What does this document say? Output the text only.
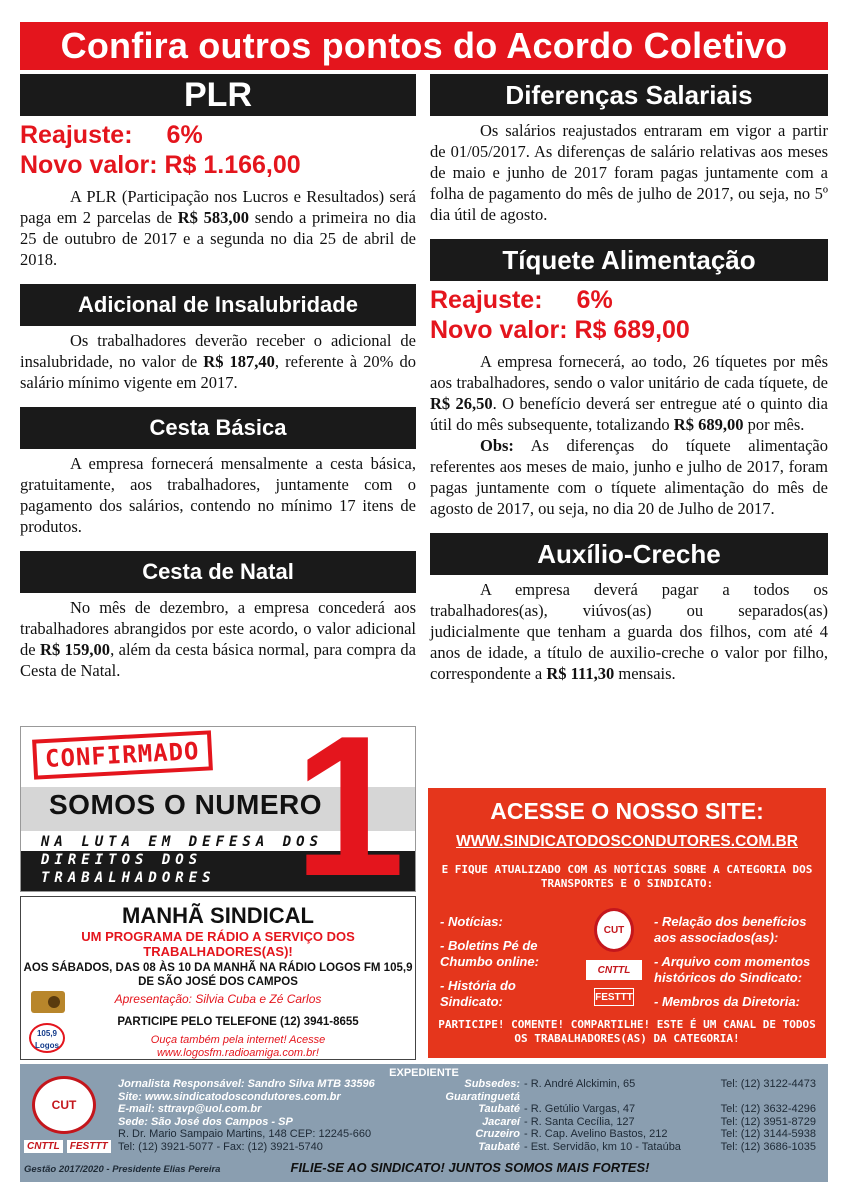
Confira outros pontos do Acordo Coletivo
PLR
Reajuste: 6%
Novo valor: R$ 1.166,00

A PLR (Participação nos Lucros e Resultados) será paga em 2 parcelas de R$ 583,00 sendo a primeira no dia 25 de outubro de 2017 e a segunda no dia 25 de abril de 2018.

Adicional de Insalubridade

Os trabalhadores deverão receber o adicional de insalubridade, no valor de R$ 187,40, referente à 20% do salário mínimo vigente em 2017.

Cesta Básica

A empresa fornecerá mensalmente a cesta básica, gratuitamente, aos trabalhadores, juntamente com o pagamento dos salários, contendo no mínimo 17 itens de produtos.

Cesta de Natal

No mês de dezembro, a empresa concederá aos trabalhadores abrangidos por este acordo, o valor adicional de R$ 159,00, além da cesta básica normal, para compra da Cesta de Natal.

Diferenças Salariais

Os salários reajustados entraram em vigor a partir de 01/05/2017. As diferenças de salário relativas aos meses de maio e junho de 2017 foram pagas juntamente com a folha de pagamento do mês de julho de 2017, ou seja, no 5º dia útil de agosto.

Tíquete Alimentação
Reajuste: 6%
Novo valor: R$ 689,00

A empresa fornecerá, ao todo, 26 tíquetes por mês aos trabalhadores, sendo o valor unitário de cada tíquete, de R$ 26,50. O benefício deverá ser entregue até o quinto dia útil do mês subsequente, totalizando R$ 689,00 por mês.

Obs: As diferenças do tíquete alimentação referentes aos meses de maio, junho e julho de 2017, foram pagas juntamente com o tíquete alimentação do mês de agosto de 2017, ou seja, no dia 20 de Julho de 2017.

Auxílio-Creche

A empresa deverá pagar a todos os trabalhadores(as), viúvos(as) ou separados(as) judicialmente que tenham a guarda dos filhos, com até 4 anos de idade, a título de auxilio-creche o valor por filho, correspondente a R$ 111,30 mensais.

1
CONFIRMADO
SOMOS O NUMERO
NA LUTA EM DEFESA DOS
DIREITOS DOS
TRABALHADORES
MANHÃ SINDICAL
UM PROGRAMA DE RÁDIO A SERVIÇO DOS TRABALHADORES(AS)!
AOS SÁBADOS, DAS 08 ÀS 10 DA MANHÃ NA RÁDIO LOGOS FM 105,9 DE SÃO JOSÉ DOS CAMPOS
Apresentação: Silvia Cuba e Zé Carlos
PARTICIPE PELO TELEFONE (12) 3941-8655
Ouça também pela internet! Acesse
www.logosfm.radioamiga.com.br!
105,9 Logos
ACESSE O NOSSO SITE:
WWW.SINDICATODOSCONDUTORES.COM.BR
E FIQUE ATUALIZADO COM AS NOTÍCIAS SOBRE A CATEGORIA DOS TRANSPORTES E O SINDICATO:

- Notícias:

- Boletins Pé de Chumbo online:

- História do Sindicato:

CUT
CNTTL
FESTTT

- Relação dos benefícios aos associados(as):

- Arquivo com momentos históricos do Sindicato:

- Membros da Diretoria:

PARTICIPE! COMENTE! COMPARTILHE! ESTE É UM CANAL DE TODOS OS TRABALHADORES(AS) DA CATEGORIA!
EXPEDIENTE
CUT
CNTTL FESTTT
Jornalista Responsável: Sandro Silva MTB 33596
Site: www.sindicatodoscondutores.com.br
E-mail: sttravp@uol.com.br
Sede: São José dos Campos - SP
R. Dr. Mario Sampaio Martins, 148 CEP: 12245-660
Tel: (12) 3921-5077 - Fax: (12) 3921-5740
Subsedes: Guaratinguetá
- R. André Alckimin, 65	Tel: (12) 3122-4473
Taubaté - R. Getúlio Vargas, 47	Tel: (12) 3632-4296
Jacareí - R. Santa Cecília, 127	Tel: (12) 3951-8729
Cruzeiro - R. Cap. Avelino Bastos, 212	Tel: (12) 3144-5938
Taubaté - Est. Servidão, km 10 - Tataúba	Tel: (12) 3686-1035
Gestão 2017/2020 - Presidente Elias Pereira	FILIE-SE AO SINDICATO! JUNTOS SOMOS MAIS FORTES!
